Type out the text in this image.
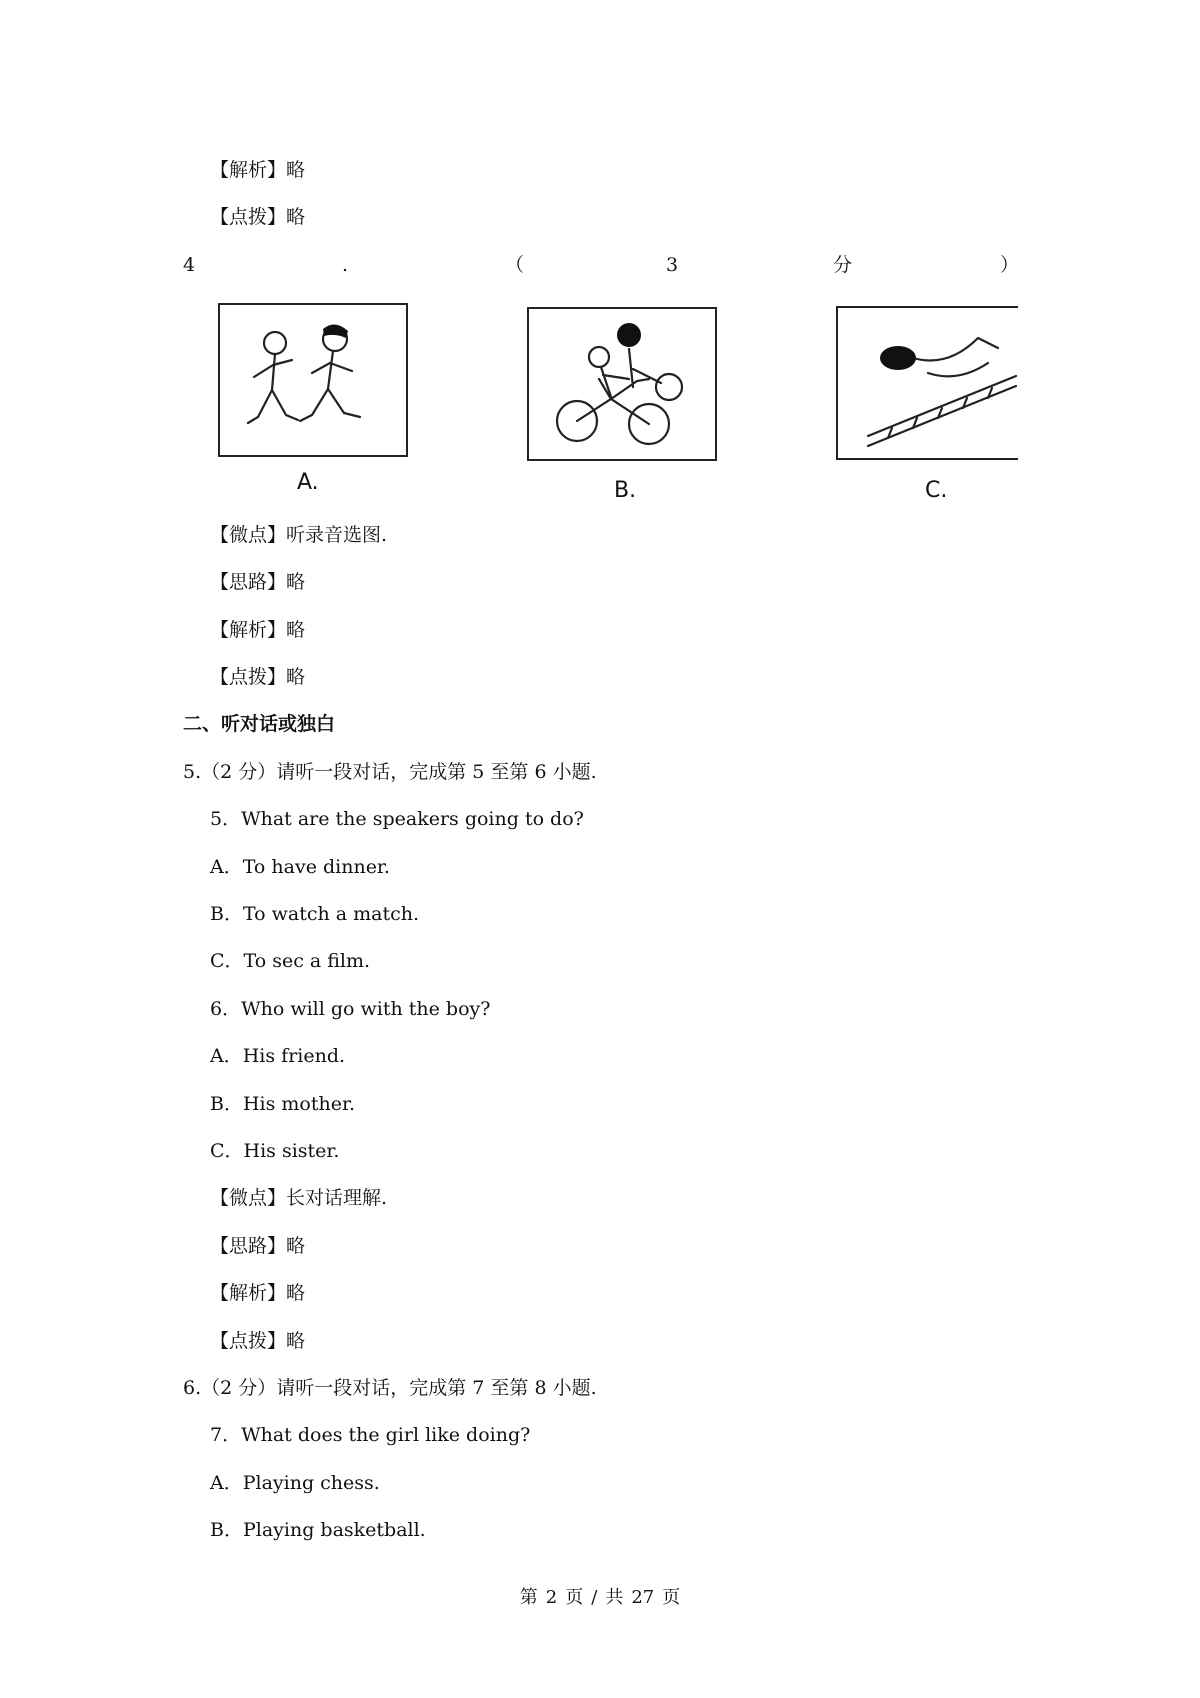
【解析】略
【点拨】略
4	.	（	3	分	）
A.	B.	C.
【微点】听录音选图.
【思路】略
【解析】略
【点拨】略
二、听对话或独白
5.（2 分）请听一段对话，完成第 5 至第 6 小题.
5．What are the speakers going to do?
A．To have dinner.
B．To watch a match.
C．To sec a film.
6．Who will go with the boy?
A．His friend.
B．His mother.
C．His sister.
【微点】长对话理解.
【思路】略
【解析】略
【点拨】略
6.（2 分）请听一段对话，完成第 7 至第 8 小题.
7．What does the girl like doing?
A．Playing chess.
B．Playing basketball.
第 2 页 / 共 27 页
